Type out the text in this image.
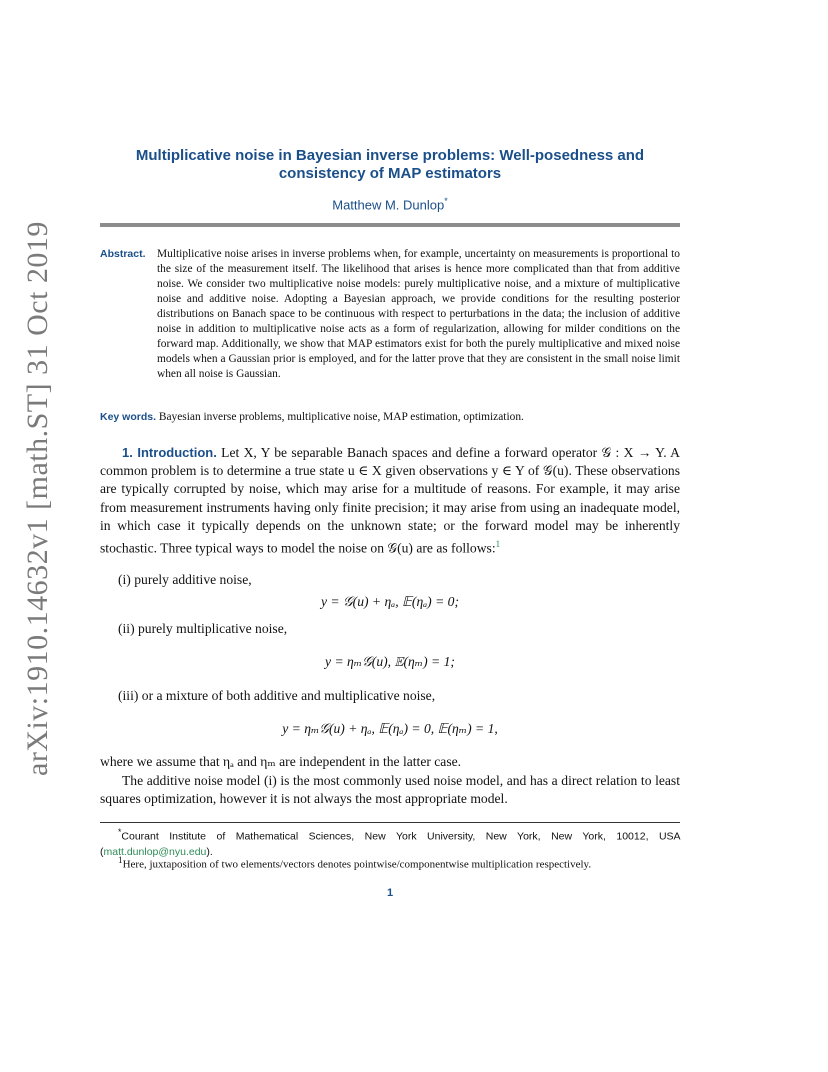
arXiv:1910.14632v1 [math.ST] 31 Oct 2019
Multiplicative noise in Bayesian inverse problems: Well-posedness and consistency of MAP estimators
Matthew M. Dunlop*
Abstract. Multiplicative noise arises in inverse problems when, for example, uncertainty on measurements is proportional to the size of the measurement itself. The likelihood that arises is hence more complicated than that from additive noise. We consider two multiplicative noise models: purely multiplicative noise, and a mixture of multiplicative noise and additive noise. Adopting a Bayesian approach, we provide conditions for the resulting posterior distributions on Banach space to be continuous with respect to perturbations in the data; the inclusion of additive noise in addition to multiplicative noise acts as a form of regularization, allowing for milder conditions on the forward map. Additionally, we show that MAP estimators exist for both the purely multiplicative and mixed noise models when a Gaussian prior is employed, and for the latter prove that they are consistent in the small noise limit when all noise is Gaussian.
Key words. Bayesian inverse problems, multiplicative noise, MAP estimation, optimization.
1. Introduction. Let X, Y be separable Banach spaces and define a forward operator 𝒢 : X → Y. A common problem is to determine a true state u ∈ X given observations y ∈ Y of 𝒢(u). These observations are typically corrupted by noise, which may arise for a multitude of reasons. For example, it may arise from measurement instruments having only finite precision; it may arise from using an inadequate model, in which case it typically depends on the unknown state; or the forward model may be inherently stochastic. Three typical ways to model the noise on 𝒢(u) are as follows:$^1$
(i) purely additive noise,
y = 𝒢(u) + ηₐ, 𝔼(ηₐ) = 0;
(ii) purely multiplicative noise,
y = ηₘ𝒢(u), 𝔼(ηₘ) = 1;
(iii) or a mixture of both additive and multiplicative noise,
y = ηₘ𝒢(u) + ηₐ, 𝔼(ηₐ) = 0, 𝔼(ηₘ) = 1,
where we assume that ηₐ and ηₘ are independent in the latter case.
The additive noise model (i) is the most commonly used noise model, and has a direct relation to least squares optimization, however it is not always the most appropriate model.
*Courant Institute of Mathematical Sciences, New York University, New York, New York, 10012, USA (matt.dunlop@nyu.edu).
$^1$Here, juxtaposition of two elements/vectors denotes pointwise/componentwise multiplication respectively.
1
